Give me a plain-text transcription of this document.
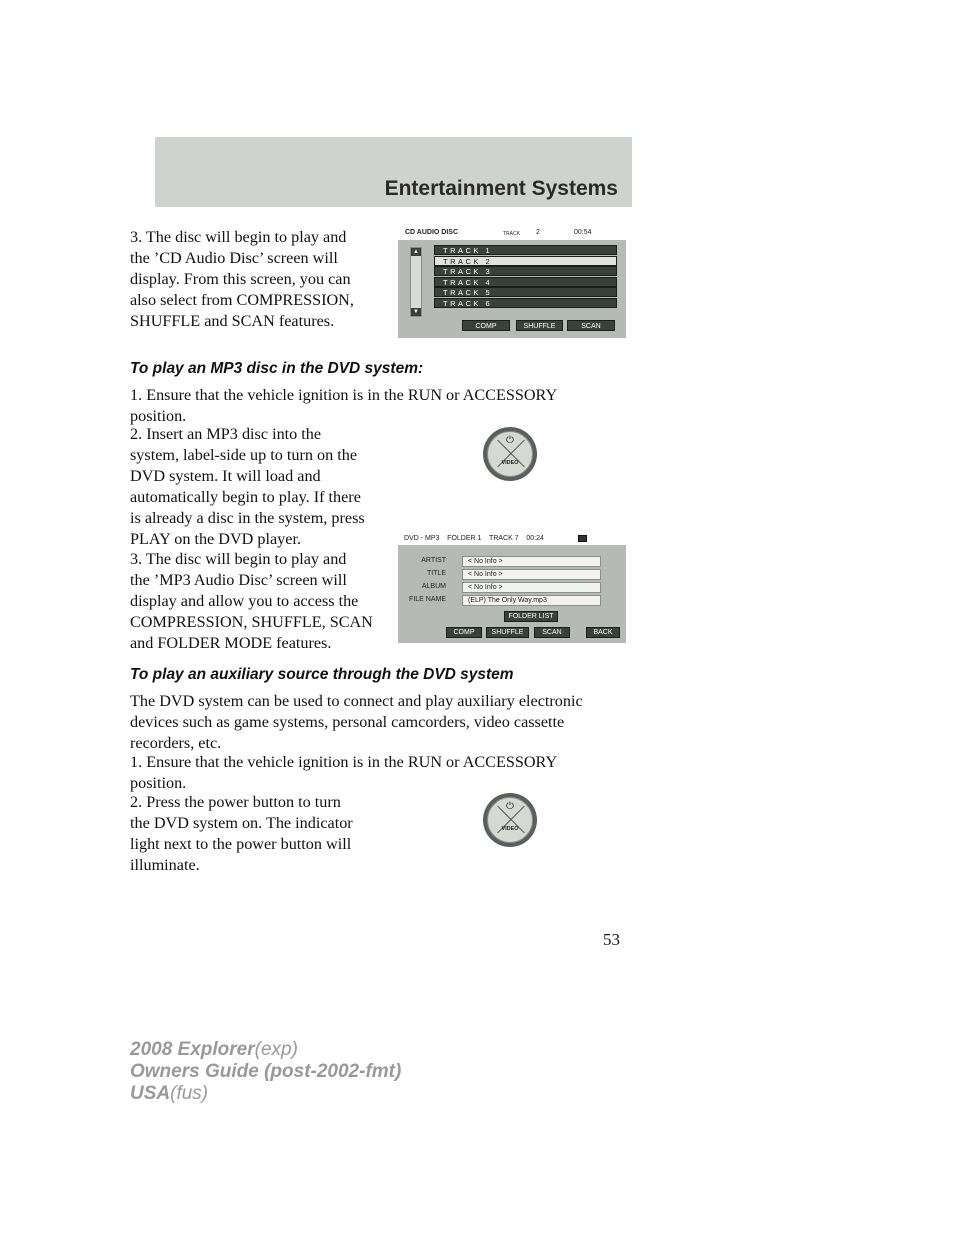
Entertainment Systems
3. The disc will begin to play and
the ’CD Audio Disc’ screen will
display. From this screen, you can
also select from COMPRESSION,
SHUFFLE and SCAN features.
CD AUDIO DISC	TRACK 2	00:54
▲
▼
TRACK 1
TRACK 2
TRACK 3
TRACK 4
TRACK 5
TRACK 6
COMP	SHUFFLE	SCAN
To play an MP3 disc in the DVD system:
1. Ensure that the vehicle ignition is in the RUN or ACCESSORY
position.
2. Insert an MP3 disc into the
system, label-side up to turn on the
DVD system. It will load and
automatically begin to play. If there
is already a disc in the system, press
PLAY on the DVD player.
⏻
VIDEO
3. The disc will begin to play and
the ’MP3 Audio Disc’ screen will
display and allow you to access the
COMPRESSION, SHUFFLE, SCAN
and FOLDER MODE features.
DVD - MP3    FOLDER 1    TRACK 7    00:24
ARTIST	< No Info >
TITLE	< No Info >
ALBUM	< No Info >
FILE NAME	(ELP) The Only Way.mp3
FOLDER LIST
COMP	SHUFFLE	SCAN	BACK
To play an auxiliary source through the DVD system
The DVD system can be used to connect and play auxiliary electronic
devices such as game systems, personal camcorders, video cassette
recorders, etc.
1. Ensure that the vehicle ignition is in the RUN or ACCESSORY
position.
2. Press the power button to turn
the DVD system on. The indicator
light next to the power button will
illuminate.
⏻
VIDEO
53
2008 Explorer(exp)
Owners Guide (post-2002-fmt)
USA(fus)
